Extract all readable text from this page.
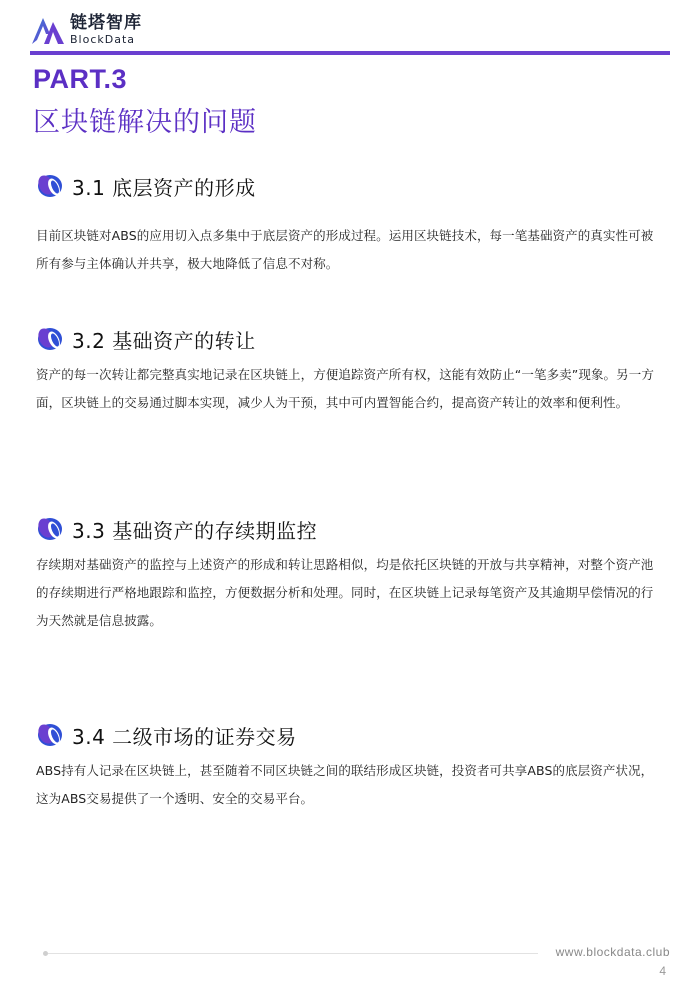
链塔智库
BlockData
PART.3
区块链解决的问题
3.1 底层资产的形成
目前区块链对ABS的应用切入点多集中于底层资产的形成过程。运用区块链技术，每一笔基础资产的真实性可被所有参与主体确认并共享，极大地降低了信息不对称。
3.2 基础资产的转让
资产的每一次转让都完整真实地记录在区块链上，方便追踪资产所有权，这能有效防止“一笔多卖”现象。另一方面，区块链上的交易通过脚本实现，减少人为干预，其中可内置智能合约，提高资产转让的效率和便利性。
3.3 基础资产的存续期监控
存续期对基础资产的监控与上述资产的形成和转让思路相似，均是依托区块链的开放与共享精神，对整个资产池的存续期进行严格地跟踪和监控，方便数据分析和处理。同时，在区块链上记录每笔资产及其逾期早偿情况的行为天然就是信息披露。
3.4 二级市场的证券交易
ABS持有人记录在区块链上，甚至随着不同区块链之间的联结形成区块链，投资者可共享ABS的底层资产状况，这为ABS交易提供了一个透明、安全的交易平台。
www.blockdata.club
4
